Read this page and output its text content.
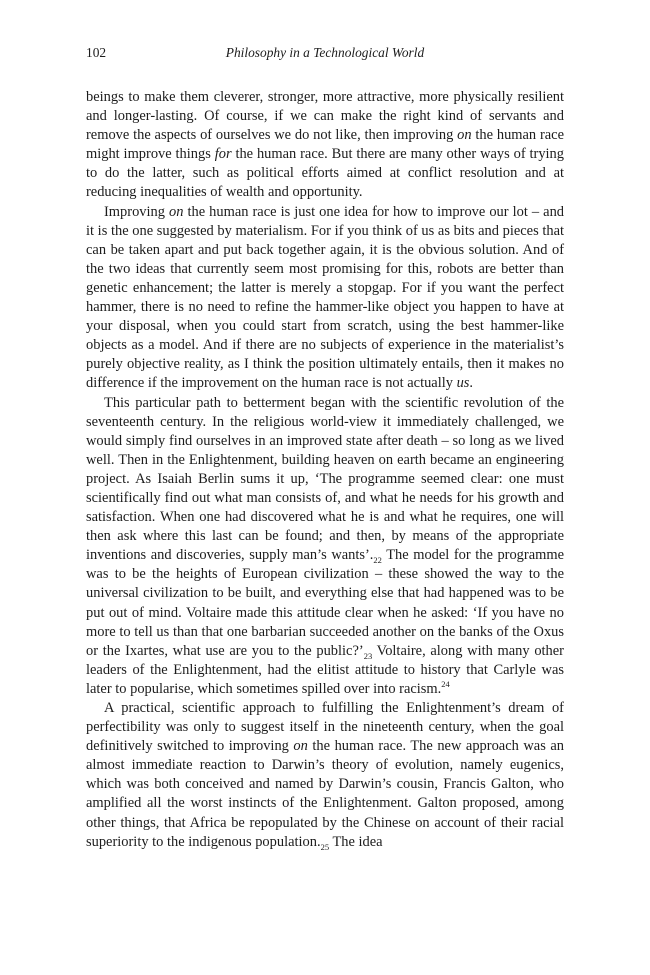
102	Philosophy in a Technological World

beings to make them cleverer, stronger, more attractive, more physically resilient and longer-lasting. Of course, if we can make the right kind of servants and remove the aspects of ourselves we do not like, then improving on the human race might improve things for the human race. But there are many other ways of trying to do the latter, such as political efforts aimed at conflict resolution and at reducing inequalities of wealth and opportunity.

Improving on the human race is just one idea for how to improve our lot – and it is the one suggested by materialism. For if you think of us as bits and pieces that can be taken apart and put back together again, it is the obvious solution. And of the two ideas that currently seem most promising for this, robots are better than genetic enhancement; the latter is merely a stopgap. For if you want the perfect hammer, there is no need to refine the hammer-like object you happen to have at your disposal, when you could start from scratch, using the best hammer-like objects as a model. And if there are no subjects of experience in the materialist’s purely objective reality, as I think the position ultimately entails, then it makes no difference if the improvement on the human race is not actually us.

This particular path to betterment began with the scientific revolution of the seventeenth century. In the religious world-view it immediately challenged, we would simply find ourselves in an improved state after death – so long as we lived well. Then in the Enlightenment, building heaven on earth became an engineering project. As Isaiah Berlin sums it up, ‘The programme seemed clear: one must scientifically find out what man consists of, and what he needs for his growth and satisfaction. When one had discovered what he is and what he requires, one will then ask where this last can be found; and then, by means of the appropriate inventions and discoveries, supply man’s $wants’._{22}$ The model for the programme was to be the heights of European civilization – these showed the way to the universal civilization to be built, and everything else that had happened was to be put out of mind. Voltaire made this attitude clear when he asked: ‘If you have no more to tell us than that one barbarian succeeded another on the banks of the Oxus or the Ixartes, what use are you to the $public?’_{23}$ Voltaire, along with many other leaders of the Enlightenment, had the elitist attitude to history that Carlyle was later to popularise, which sometimes spilled over into racism.$^{24}$

A practical, scientific approach to fulfilling the Enlightenment’s dream of perfectibility was only to suggest itself in the nineteenth century, when the goal definitively switched to improving on the human race. The new approach was an almost immediate reaction to Darwin’s theory of evolution, namely eugenics, which was both conceived and named by Darwin’s cousin, Francis Galton, who amplified all the worst instincts of the Enlightenment. Galton proposed, among other things, that Africa be repopulated by the Chinese on account of their racial superiority to the indigenous $population._{25}$ The idea
